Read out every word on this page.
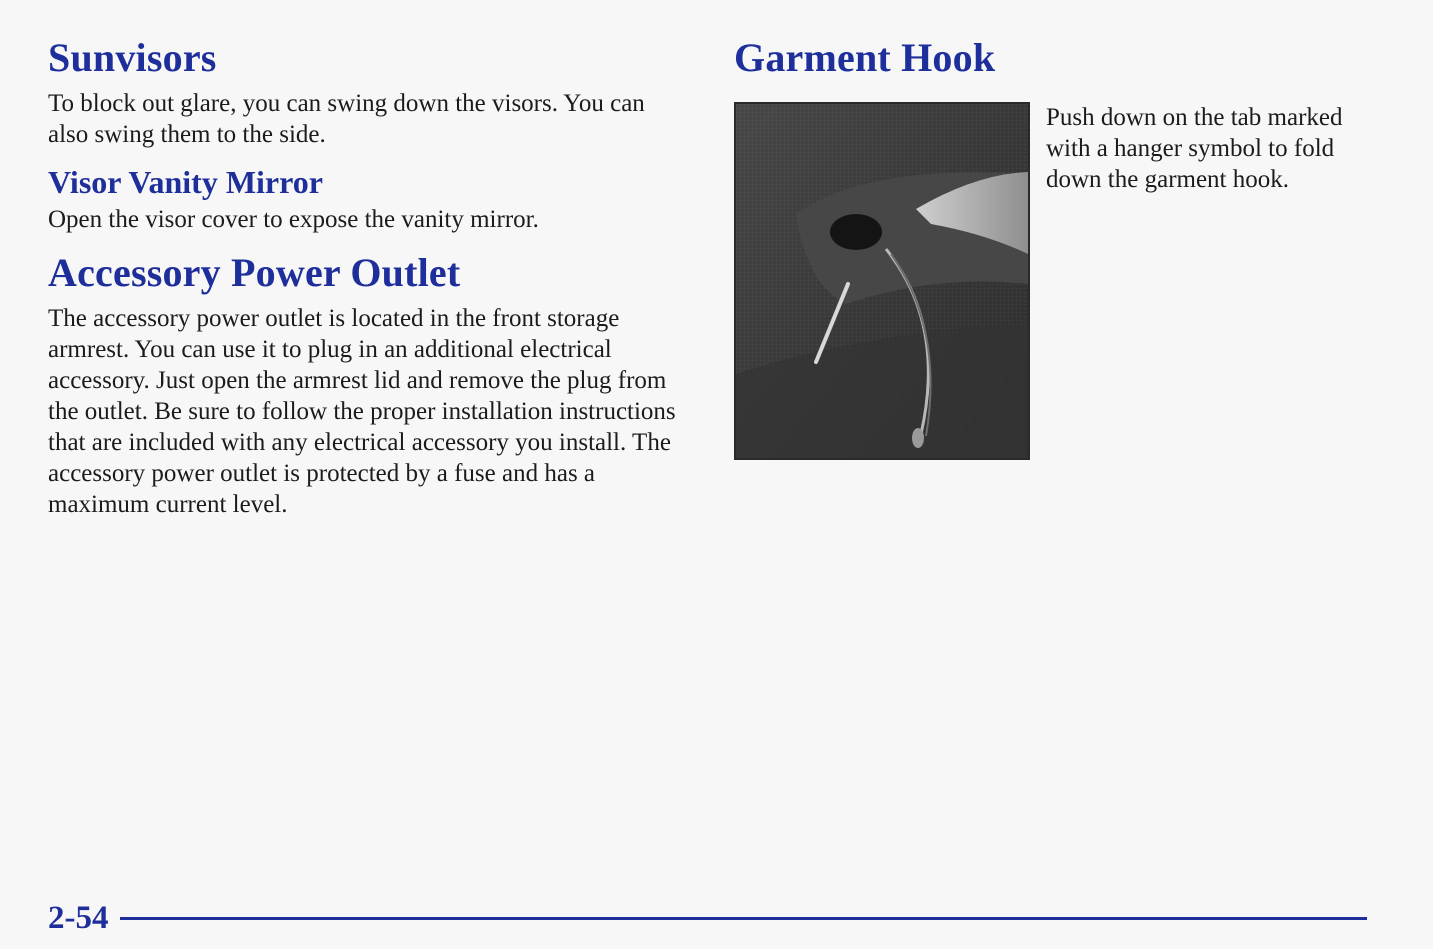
Sunvisors

To block out glare, you can swing down the visors. You can also swing them to the side.

Visor Vanity Mirror

Open the visor cover to expose the vanity mirror.

Accessory Power Outlet

The accessory power outlet is located in the front storage armrest. You can use it to plug in an additional electrical accessory. Just open the armrest lid and remove the plug from the outlet. Be sure to follow the proper installation instructions that are included with any electrical accessory you install. The accessory power outlet is protected by a fuse and has a maximum current level.

Garment Hook
Push down on the tab marked with a hanger symbol to fold down the garment hook.
2-54
